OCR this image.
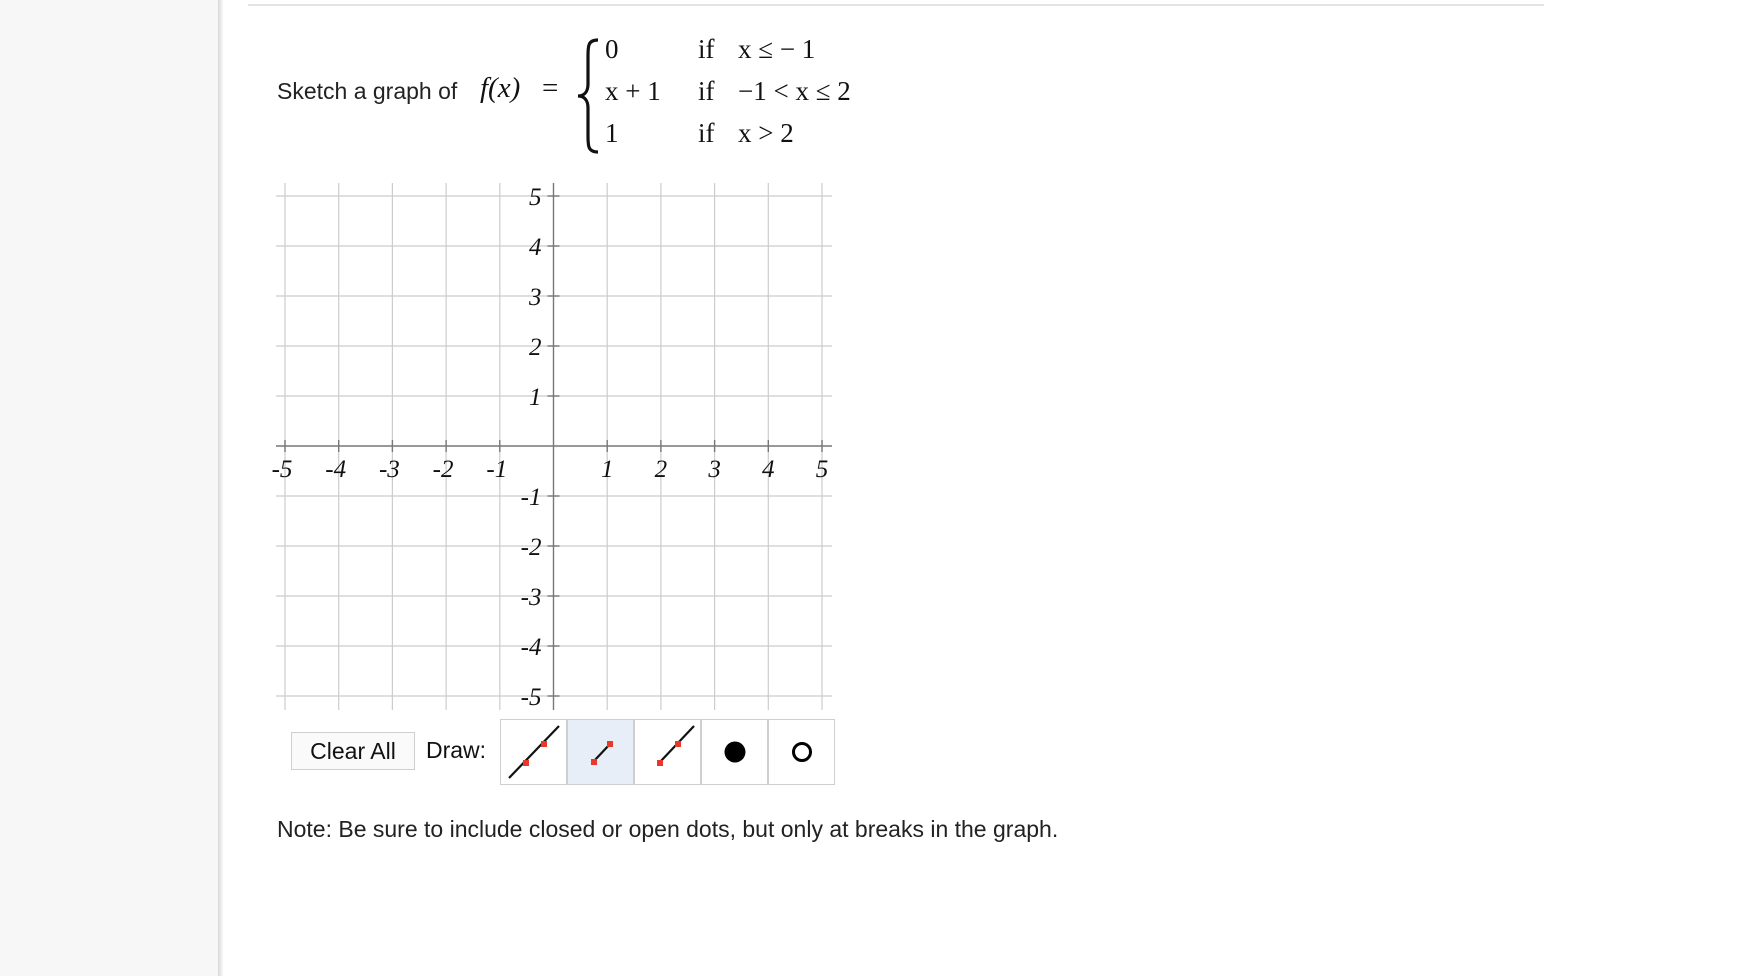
Sketch a graph of f(x) =
0	if x ≤ − 1
x + 1 if −1 < x ≤ 2
1	if x > 2
-5 -4 -3 -2 -1	1 2 3 4 5
5
4
3
2
1
-1
-2
-3
-4
-5
Clear All	Draw:
Note: Be sure to include closed or open dots, but only at breaks in the graph.
